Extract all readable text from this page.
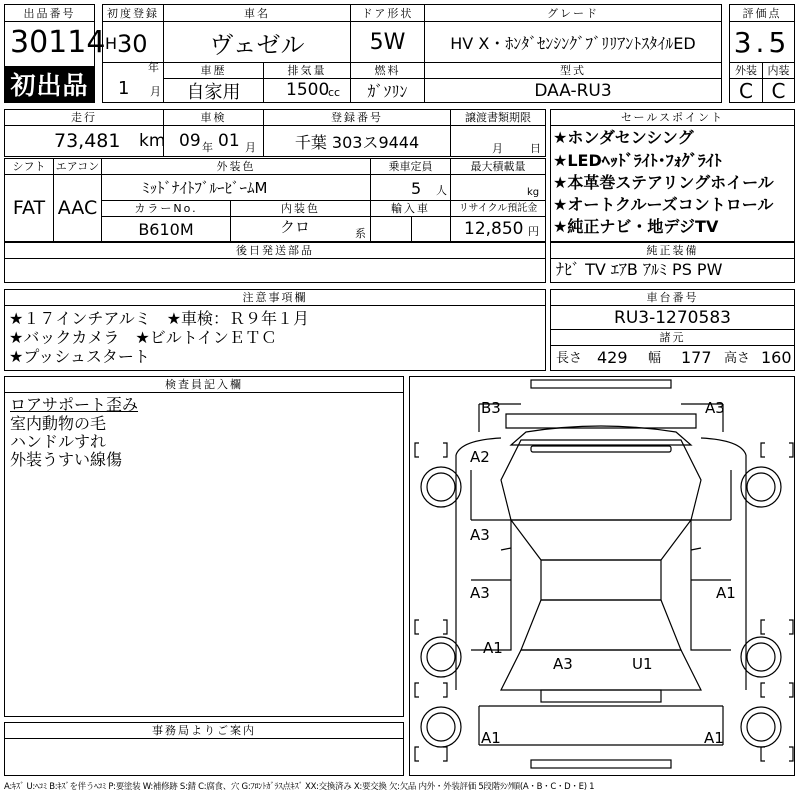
出品番号
30114
初出品
初度登録
H 30
年
車名
ヴェゼル
ドア形状
5W
グレード
HV X・ﾎﾝﾀﾞｾﾝｼﾝｸﾞﾌﾞﾘﾘｱﾝﾄｽﾀｲﾙED
評価点
3.5
1 月
車歴
自家用
排気量
1500
cc
燃料
ｶﾞｿﾘﾝ
型式
DAA-RU3
外装 内装
C C
走行
73,481 km
車検
09 年 01 月
登録番号
千葉 303ス9444
譲渡書類期限
月 日
セールスポイント
★ホンダセンシング
★LEDﾍｯﾄﾞﾗｲﾄ･ﾌｫｸﾞﾗｲﾄ
★本革巻ステアリングホイール
★オートクルーズコントロール
★純正ナビ・地デジTV
シフト
FAT
エアコン
AAC
外装色
ﾐｯﾄﾞﾅｲﾄﾌﾞﾙｰﾋﾞｰﾑM
乗車定員
5 人
最大積載量
kg
カラーNo.
B610M
内装色
クロ	系
輸入車	リサイクル預託金
12,850 円
後日発送部品	純正装備
ﾅﾋﾞ TV ｴｱB ｱﾙﾐ PS PW
注意事項欄
★１７インチアルミ　★車検：Ｒ９年１月
★バックカメラ　★ビルトインＥＴＣ
★プッシュスタート
車台番号
RU3-1270583
諸元
長さ 429 幅 177 高さ 160
検査員記入欄
ロアサポート歪み
室内動物の毛
ハンドルすれ
外装うすい線傷
事務局よりご案内
B3	A3
A2
A3
A3	A1
A1
A3	U1
A1	A1
A:ｷｽﾞ U:ﾍｺﾐ B:ｷｽﾞを伴うﾍｺﾐ P:要塗装 W:補修跡 S:錆 C:腐食、穴 G:ﾌﾛﾝﾄｶﾞﾗｽ点ｷｽﾞ XX:交換済み X:要交換 欠:欠品 内外・外装評価 5段階ﾗﾝｸ順(A・B・C・D・E) 1
